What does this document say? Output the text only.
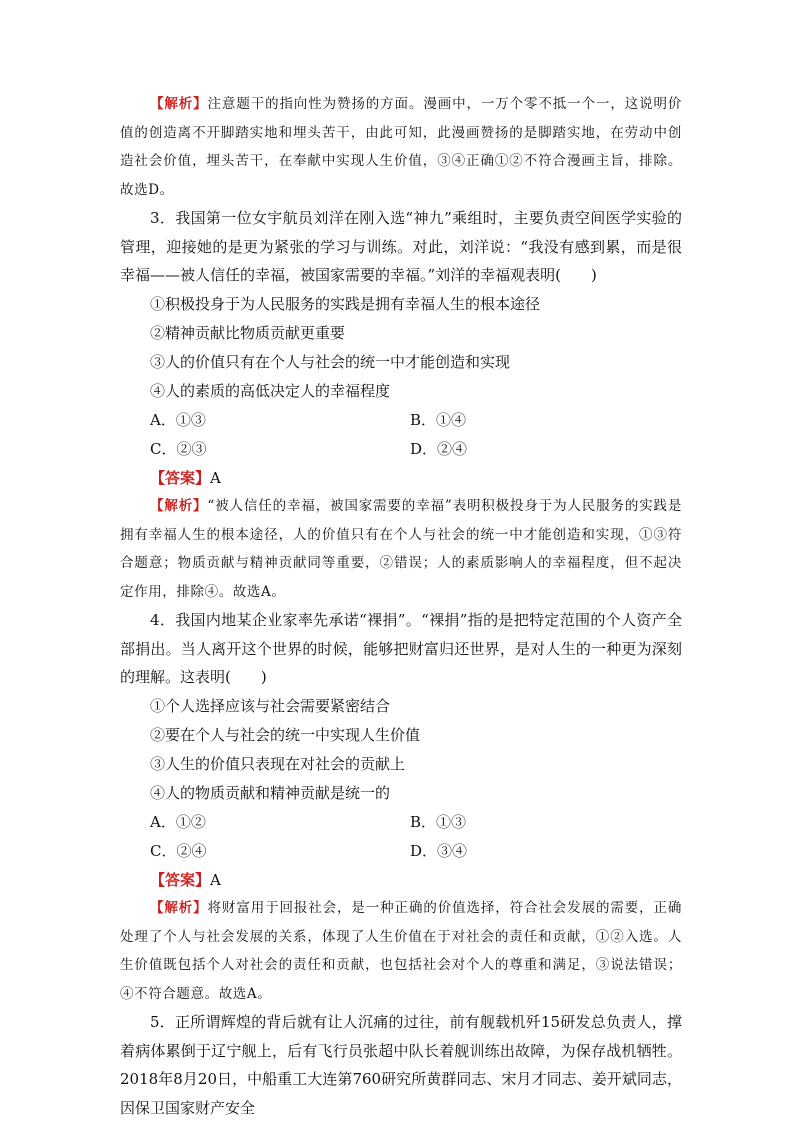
【解析】注意题干的指向性为赞扬的方面。漫画中，一万个零不抵一个一，这说明价值的创造离不开脚踏实地和埋头苦干，由此可知，此漫画赞扬的是脚踏实地，在劳动中创造社会价值，埋头苦干，在奉献中实现人生价值，③④正确①②不符合漫画主旨，排除。故选D。

3．我国第一位女宇航员刘洋在刚入选“神九”乘组时，主要负责空间医学实验的管理，迎接她的是更为紧张的学习与训练。对此，刘洋说：“我没有感到累，而是很幸福——被人信任的幸福，被国家需要的幸福。”刘洋的幸福观表明(　　)

①积极投身于为人民服务的实践是拥有幸福人生的根本途径

②精神贡献比物质贡献更重要

③人的价值只有在个人与社会的统一中才能创造和实现

④人的素质的高低决定人的幸福程度

A．①③	B．①④
C．②③	D．②④

【答案】A

【解析】“被人信任的幸福，被国家需要的幸福”表明积极投身于为人民服务的实践是拥有幸福人生的根本途径，人的价值只有在个人与社会的统一中才能创造和实现，①③符合题意；物质贡献与精神贡献同等重要，②错误；人的素质影响人的幸福程度，但不起决定作用，排除④。故选A。

4．我国内地某企业家率先承诺“裸捐”。“裸捐”指的是把特定范围的个人资产全部捐出。当人离开这个世界的时候，能够把财富归还世界，是对人生的一种更为深刻的理解。这表明(　　)

①个人选择应该与社会需要紧密结合

②要在个人与社会的统一中实现人生价值

③人生的价值只表现在对社会的贡献上

④人的物质贡献和精神贡献是统一的

A．①②	B．①③
C．②④	D．③④

【答案】A

【解析】将财富用于回报社会，是一种正确的价值选择，符合社会发展的需要，正确处理了个人与社会发展的关系，体现了人生价值在于对社会的责任和贡献，①②入选。人生价值既包括个人对社会的责任和贡献，也包括社会对个人的尊重和满足，③说法错误；④不符合题意。故选A。

5．正所谓辉煌的背后就有让人沉痛的过往，前有舰载机歼15研发总负责人，撑着病体累倒于辽宁舰上，后有飞行员张超中队长着舰训练出故障，为保存战机牺牲。2018年8月20日，中船重工大连第760研究所黄群同志、宋月才同志、姜开斌同志，因保卫国家财产安全
